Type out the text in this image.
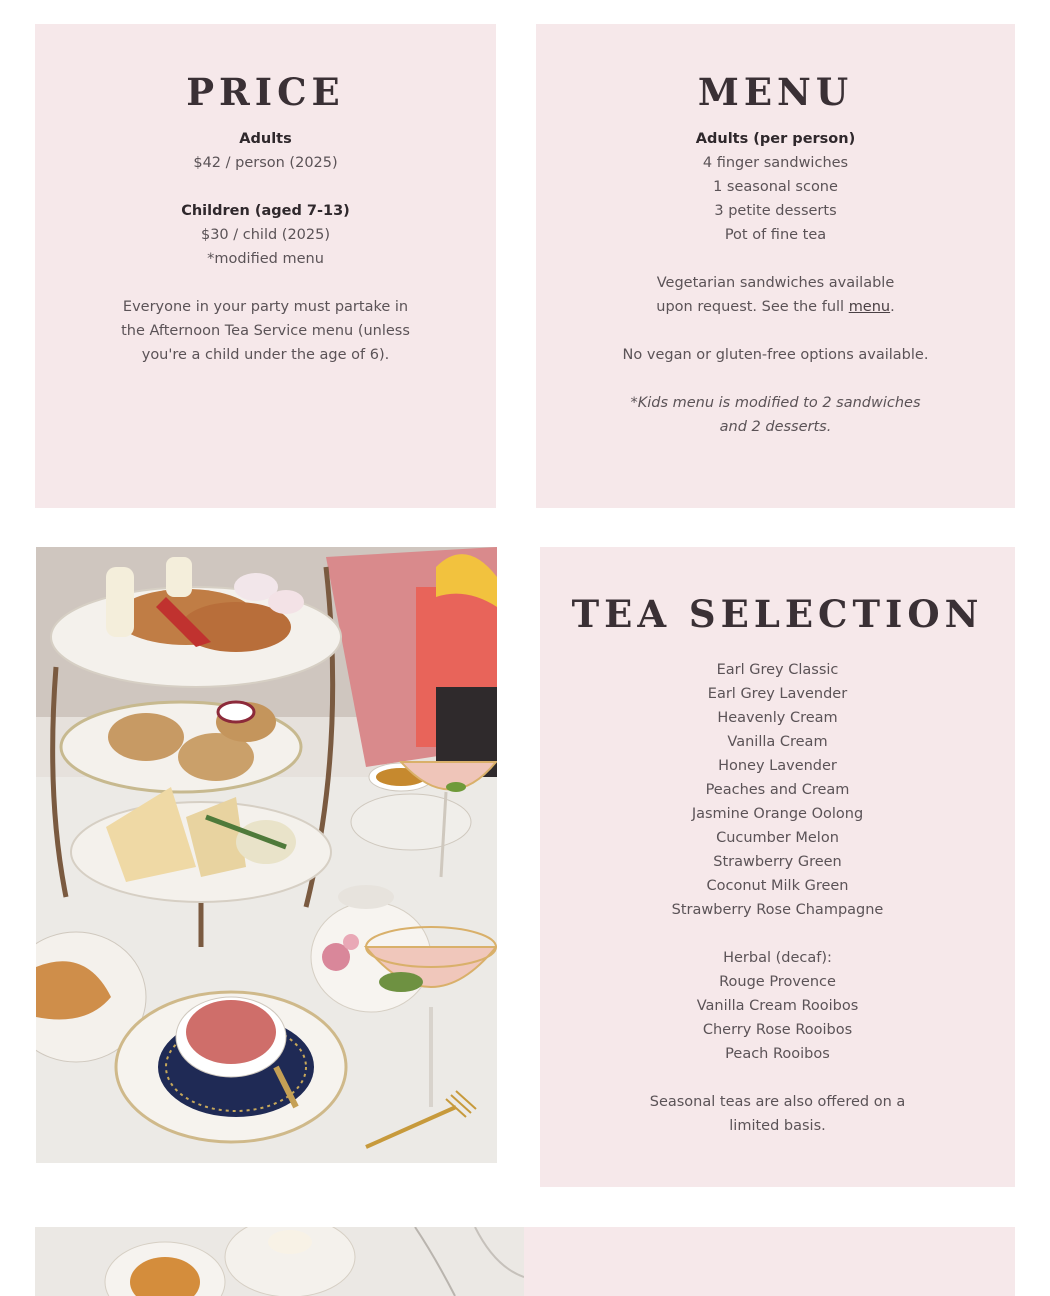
PRICE
Adults
$42 / person (2025)
Children (aged 7-13)
$30 / child (2025)
*modified menu
Everyone in your party must partake in the Afternoon Tea Service menu (unless you're a child under the age of 6).
MENU
Adults (per person)
4 finger sandwiches
1 seasonal scone
3 petite desserts
Pot of fine tea
Vegetarian sandwiches available upon request. See the full menu.
No vegan or gluten-free options available.
*Kids menu is modified to 2 sandwiches and 2 desserts.
TEA SELECTION
Earl Grey Classic
Earl Grey Lavender
Heavenly Cream
Vanilla Cream
Honey Lavender
Peaches and Cream
Jasmine Orange Oolong
Cucumber Melon
Strawberry Green
Coconut Milk Green
Strawberry Rose Champagne
Herbal (decaf):
Rouge Provence
Vanilla Cream Rooibos
Cherry Rose Rooibos
Peach Rooibos
Seasonal teas are also offered on a limited basis.
